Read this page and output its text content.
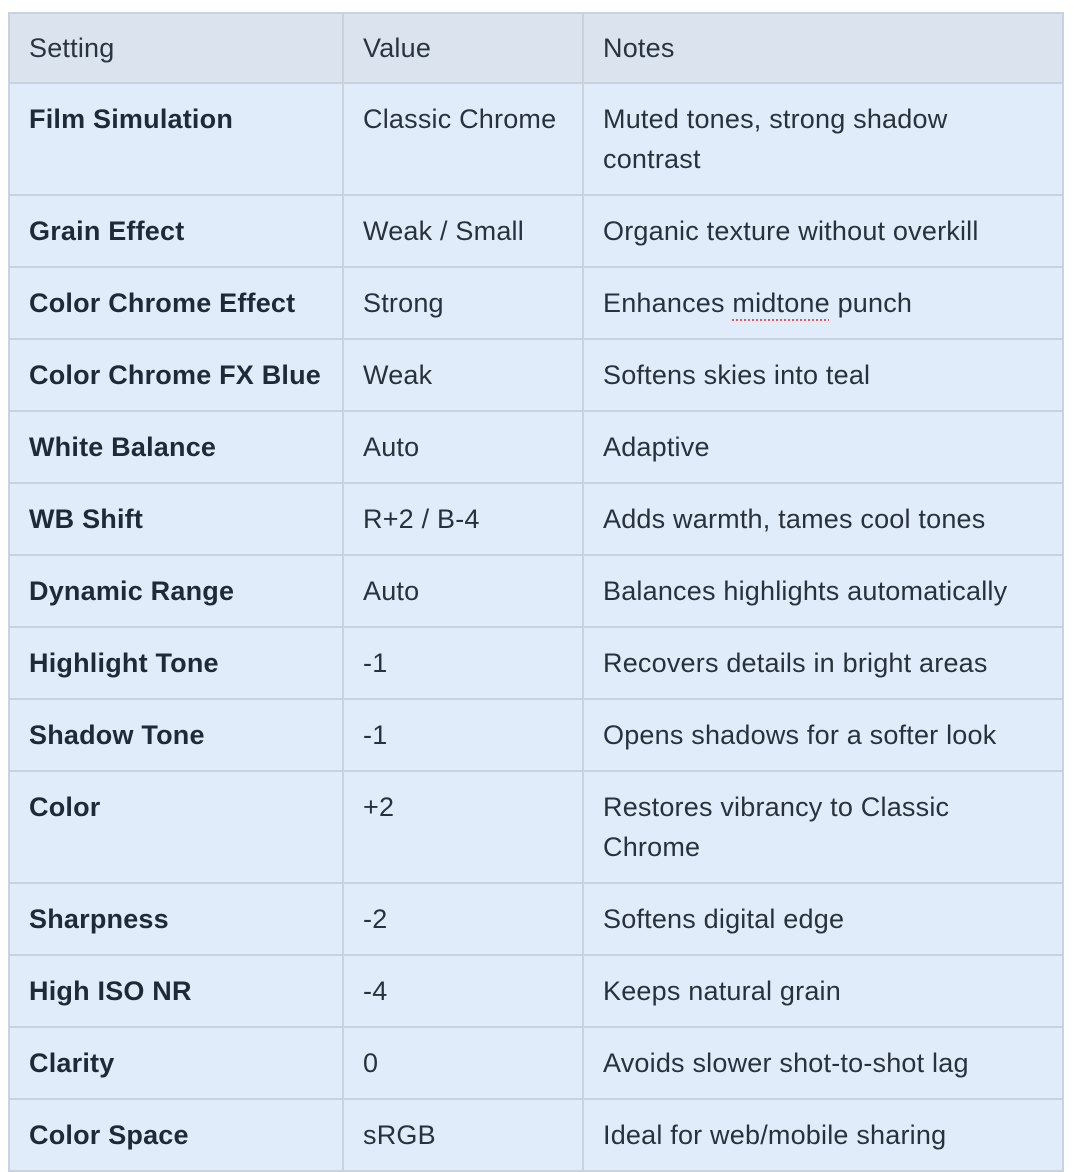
Setting	Value	Notes
Film Simulation	Classic Chrome	Muted tones, strong shadow contrast
Grain Effect	Weak / Small	Organic texture without overkill
Color Chrome Effect	Strong	Enhances midtone punch
Color Chrome FX Blue	Weak	Softens skies into teal
White Balance	Auto	Adaptive
WB Shift	R+2 / B-4	Adds warmth, tames cool tones
Dynamic Range	Auto	Balances highlights automatically
Highlight Tone	-1	Recovers details in bright areas
Shadow Tone	-1	Opens shadows for a softer look
Color	+2	Restores vibrancy to Classic Chrome
Sharpness	-2	Softens digital edge
High ISO NR	-4	Keeps natural grain
Clarity	0	Avoids slower shot-to-shot lag
Color Space	sRGB	Ideal for web/mobile sharing
